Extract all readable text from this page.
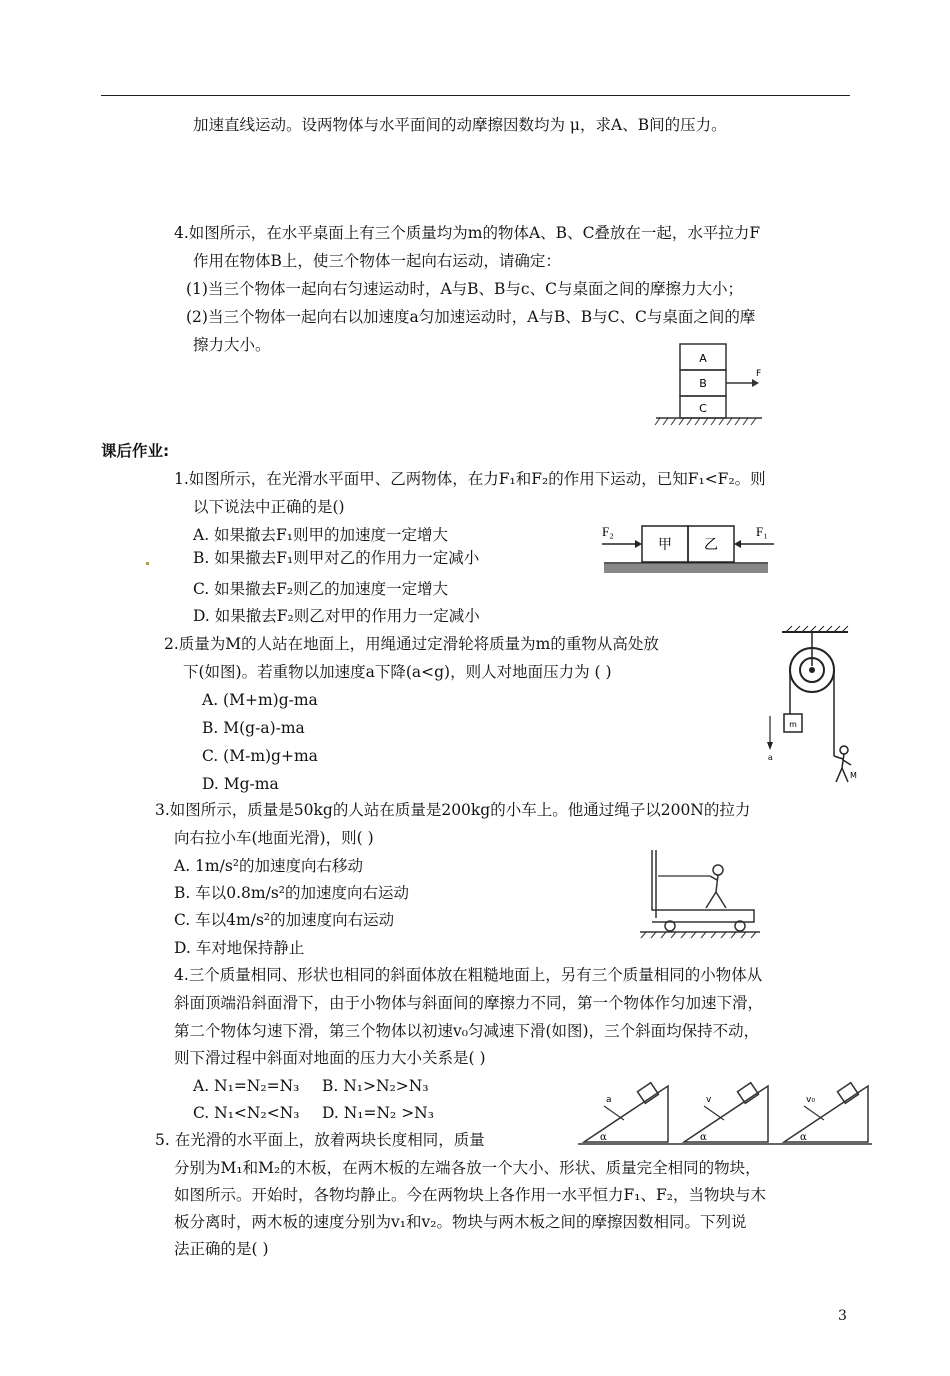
加速直线运动。设两物体与水平面间的动摩擦因数均为 μ，求A、B间的压力。
4.如图所示，在水平桌面上有三个质量均为m的物体A、B、C叠放在一起，水平拉力F
作用在物体B上，使三个物体一起向右运动，请确定：
(1)当三个物体一起向右匀速运动时，A与B、B与c、C与桌面之间的摩擦力大小；
(2)当三个物体一起向右以加速度a匀加速运动时，A与B、B与C、C与桌面之间的摩
擦力大小。
A
B
C
F
课后作业:
1.如图所示，在光滑水平面甲、乙两物体，在力F₁和F₂的作用下运动，已知F₁<F₂。则
以下说法中正确的是()
A. 如果撤去F₁则甲的加速度一定增大
B. 如果撤去F₁则甲对乙的作用力一定减小
C. 如果撤去F₂则乙的加速度一定增大
D. 如果撤去F₂则乙对甲的作用力一定减小
F₂
甲 乙
F₁
2.质量为M的人站在地面上，用绳通过定滑轮将质量为m的重物从高处放
下(如图)。若重物以加速度a下降(a<g)，则人对地面压力为 ( )
A. (M+m)g-ma
B. M(g-a)-ma
C. (M-m)g+ma
D. Mg-ma
m
a
M
3.如图所示，质量是50kg的人站在质量是200kg的小车上。他通过绳子以200N的拉力
向右拉小车(地面光滑)，则( )
A. 1m/s²的加速度向右移动
B. 车以0.8m/s²的加速度向右运动
C. 车以4m/s²的加速度向右运动
D. 车对地保持静止
4.三个质量相同、形状也相同的斜面体放在粗糙地面上，另有三个质量相同的小物体从
斜面顶端沿斜面滑下，由于小物体与斜面间的摩擦力不同，第一个物体作匀加速下滑，
第二个物体匀速下滑，第三个物体以初速v₀匀减速下滑(如图)，三个斜面均保持不动，
则下滑过程中斜面对地面的压力大小关系是( )
A. N₁=N₂=N₃ B. N₁>N₂>N₃
C. N₁<N₂<N₃ D. N₁=N₂ >N₃
a
α
v
α
v₀
α
5. 在光滑的水平面上，放着两块长度相同，质量
分别为M₁和M₂的木板，在两木板的左端各放一个大小、形状、质量完全相同的物块，
如图所示。开始时，各物均静止。今在两物块上各作用一水平恒力F₁、F₂，当物块与木
板分离时，两木板的速度分别为v₁和v₂。物块与两木板之间的摩擦因数相同。下列说
法正确的是( )
3
